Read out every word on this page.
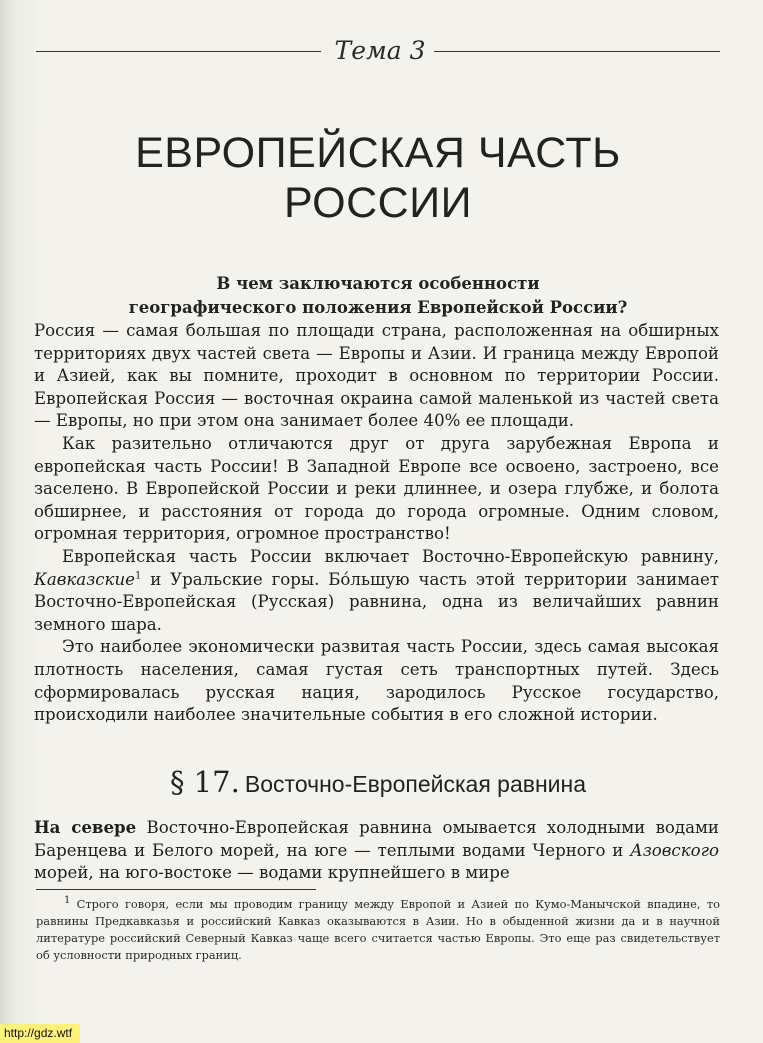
Тема 3
ЕВРОПЕЙСКАЯ ЧАСТЬ
РОССИИ
В чем заключаются особенности
географического положения Европейской России?

Россия — самая большая по площади страна, расположенная на обширных территориях двух частей света — Европы и Азии. И граница между Европой и Азией, как вы помните, проходит в основном по территории России. Европейская Россия — восточная окраина самой маленькой из частей света — Европы, но при этом она занимает более 40% ее площади.

Как разительно отличаются друг от друга зарубежная Европа и европейская часть России! В Западной Европе все освоено, застроено, все заселено. В Европейской России и реки длиннее, и озера глубже, и болота обширнее, и расстояния от города до города огромные. Одним словом, огромная территория, огромное пространство!

Европейская часть России включает Восточно-Европейскую равнину, Кавказские$^1$ и Уральские горы. Бо́льшую часть этой территории занимает Восточно-Европейская (Русская) равнина, одна из величайших равнин земного шара.

Это наиболее экономически развитая часть России, здесь самая высокая плотность населения, самая густая сеть транспортных путей. Здесь сформировалась русская нация, зародилось Русское государство, происходили наиболее значительные события в его сложной истории.

§ 17. Восточно-Европейская равнина

На севере Восточно-Европейская равнина омывается холодными водами Баренцева и Белого морей, на юге — теплыми водами Черного и Азовского морей, на юго-востоке — водами крупнейшего в мире

$^1$ Строго говоря, если мы проводим границу между Европой и Азией по Кумо-Манычской впадине, то равнины Предкавказья и российский Кавказ оказываются в Азии. Но в обыденной жизни да и в научной литературе российский Северный Кавказ чаще всего считается частью Европы. Это еще раз свидетельствует об условности природных границ.

http://gdz.wtf
